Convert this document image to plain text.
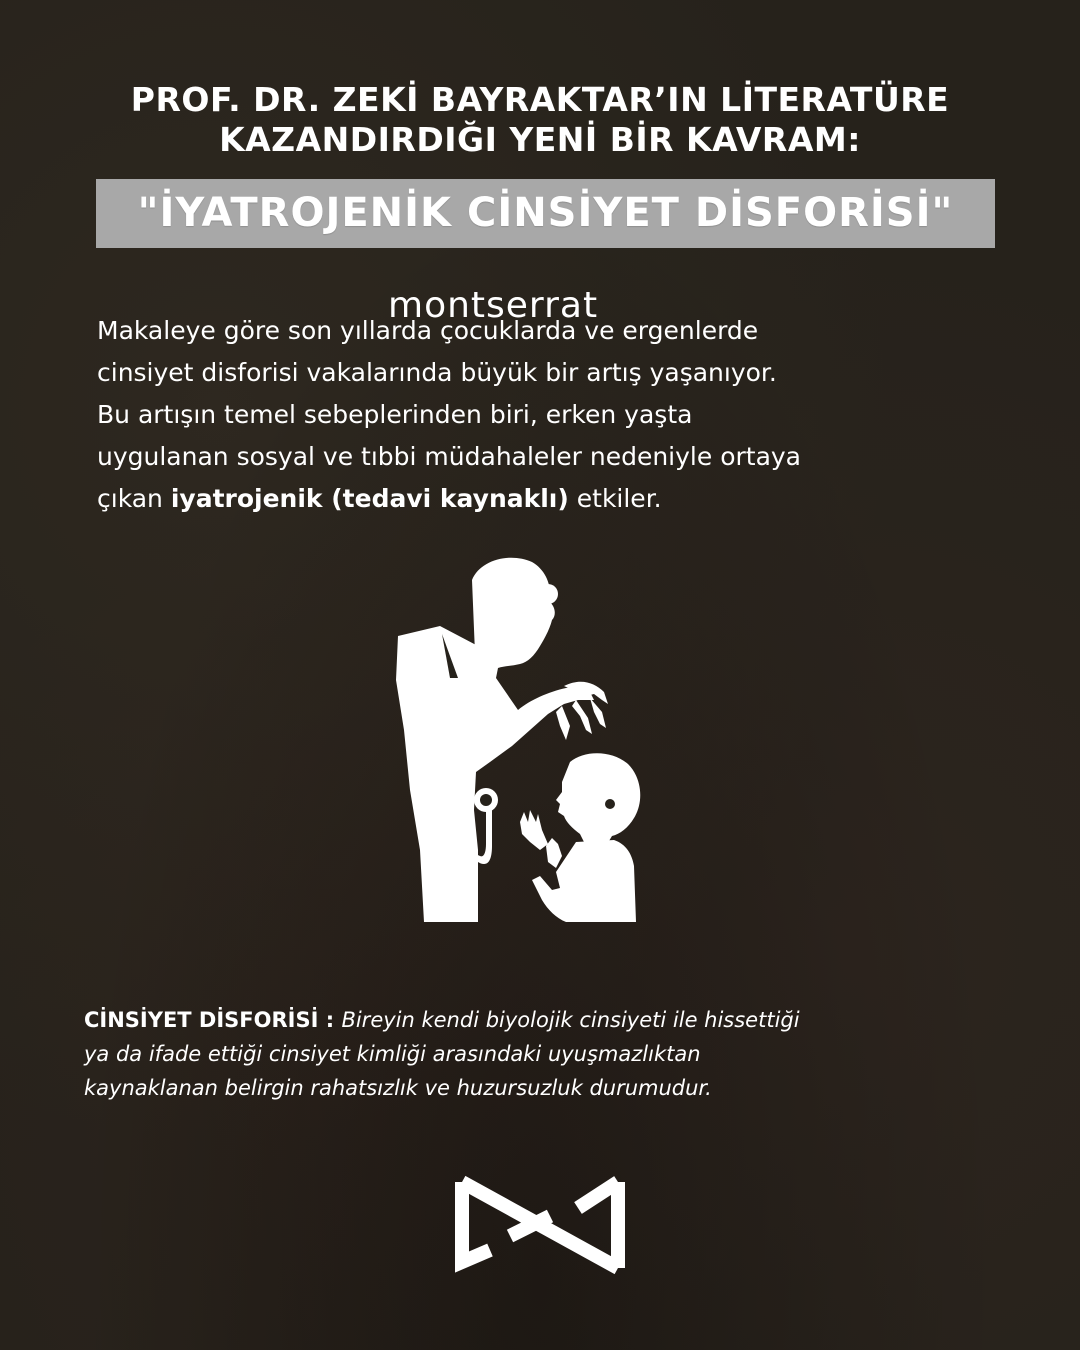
PROF. DR. ZEKİ BAYRAKTAR’IN LİTERATÜRE
KAZANDIRDIĞI YENİ BİR KAVRAM:
"İYATROJENİK CİNSİYET DİSFORİSİ"
Makaleye göre son yıllarda çocuklarda ve ergenlerde
cinsiyet disforisi vakalarında büyük bir artış yaşanıyor.
Bu artışın temel sebeplerinden biri, erken yaşta
uygulanan sosyal ve tıbbi müdahaleler nedeniyle ortaya
çıkan iyatrojenik (tedavi kaynaklı) etkiler.
montserrat
CİNSİYET DİSFORİSİ : Bireyin kendi biyolojik cinsiyeti ile hissettiği
ya da ifade ettiği cinsiyet kimliği arasındaki uyuşmazlıktan
kaynaklanan belirgin rahatsızlık ve huzursuzluk durumudur.
